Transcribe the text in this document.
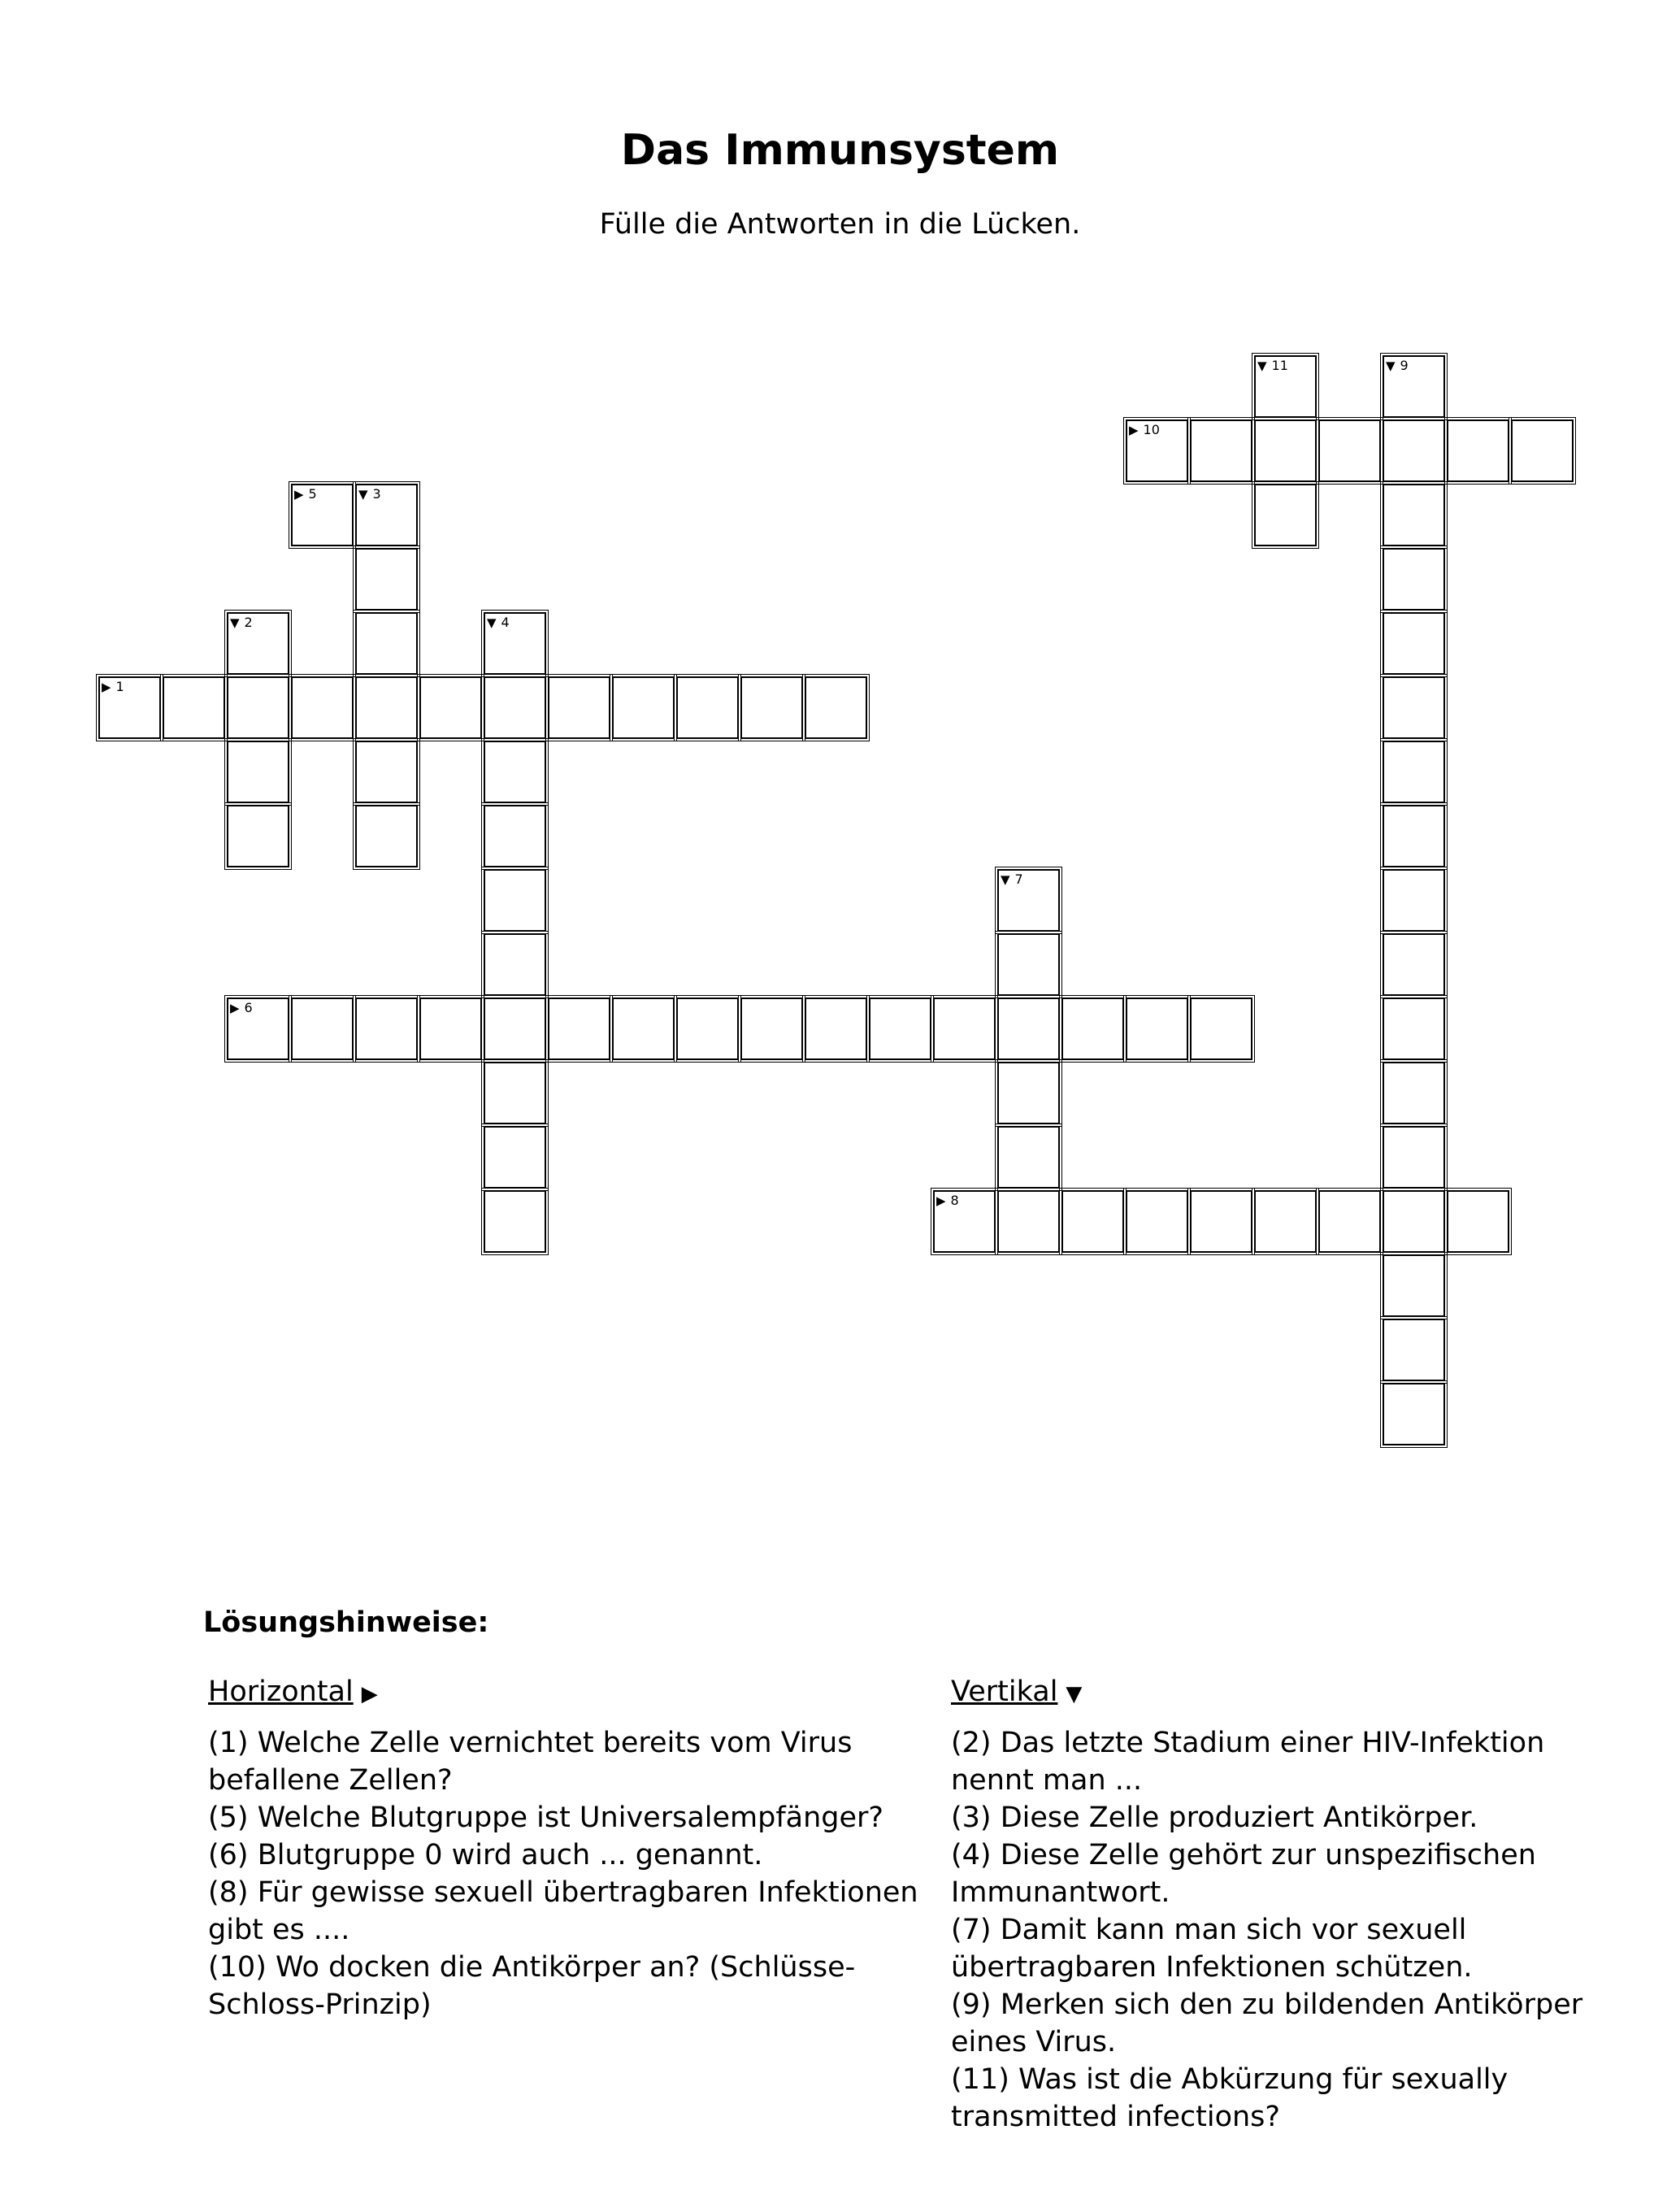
Das Immunsystem
Fülle die Antworten in die Lücken.
▶ 1
▼ 2
▼ 3
▼ 4
▶ 5
▶ 6
▼ 7
▶ 8
▼ 9
▶ 10
▼ 11
Lösungshinweise:
Horizontal ▶
(1) Welche Zelle vernichtet bereits vom Virus befallene Zellen?
(5) Welche Blutgruppe ist Universalempfänger?
(6) Blutgruppe 0 wird auch ... genannt.
(8) Für gewisse sexuell übertragbaren Infektionen gibt es ....
(10) Wo docken die Antikörper an? (Schlüsse-Schloss-Prinzip)
Vertikal ▼
(2) Das letzte Stadium einer HIV-Infektion nennt man ...
(3) Diese Zelle produziert Antikörper.
(4) Diese Zelle gehört zur unspezifischen Immunantwort.
(7) Damit kann man sich vor sexuell übertragbaren Infektionen schützen.
(9) Merken sich den zu bildenden Antikörper eines Virus.
(11) Was ist die Abkürzung für sexually transmitted infections?
